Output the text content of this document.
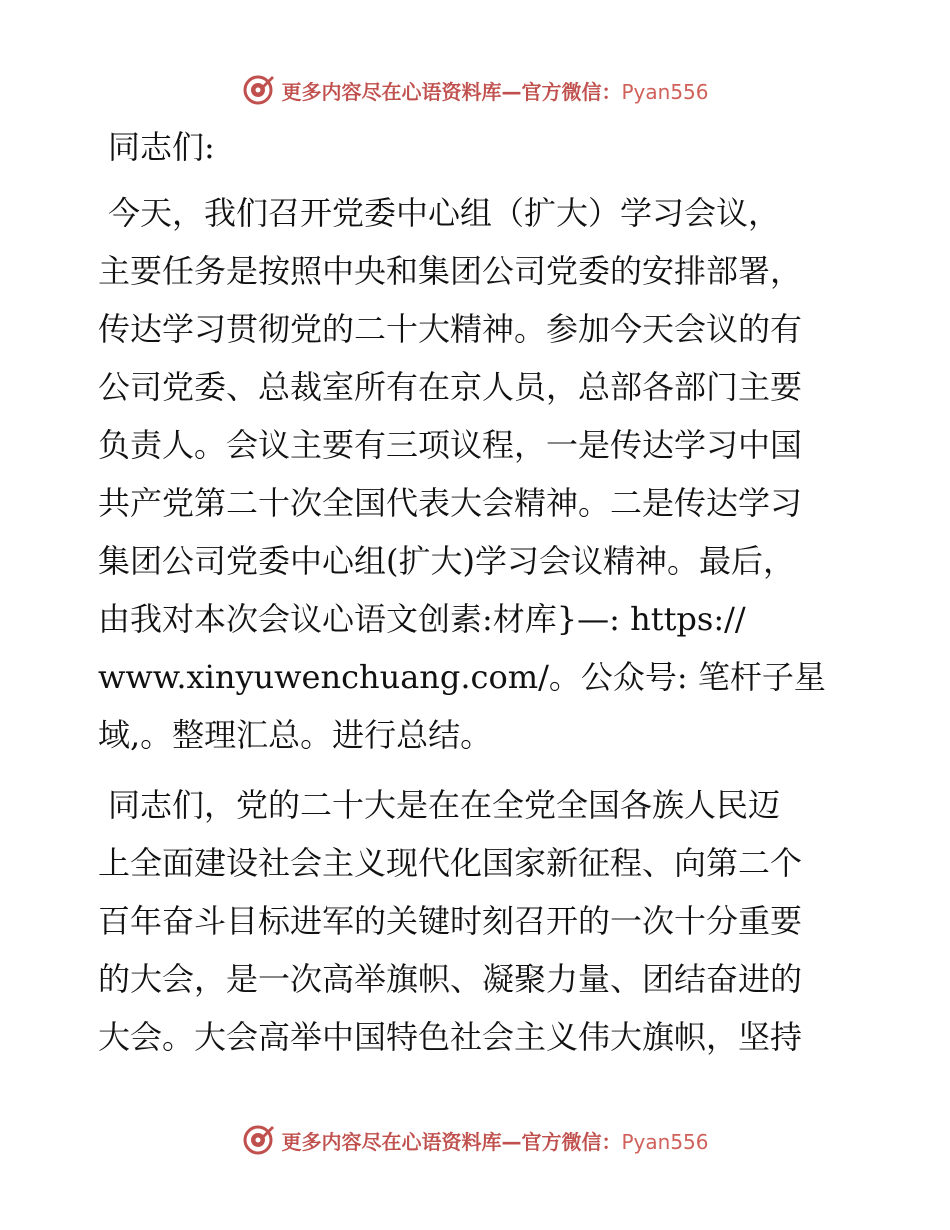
更多内容尽在心语资料库—官方微信：Pyan556
同志们:
今天，我们召开党委中心组（扩大）学习会议，
主要任务是按照中央和集团公司党委的安排部署，
传达学习贯彻党的二十大精神。参加今天会议的有
公司党委、总裁室所有在京人员，总部各部门主要
负责人。会议主要有三项议程，一是传达学习中国
共产党第二十次全国代表大会精神。二是传达学习
集团公司党委中心组(扩大)学习会议精神。最后，
由我对本次会议心语文创素:材库}—: https://
www.xinyuwenchuang.com/。公众号: 笔杆子星
域,。整理汇总。进行总结。
同志们，党的二十大是在在全党全国各族人民迈
上全面建设社会主义现代化国家新征程、向第二个
百年奋斗目标进军的关键时刻召开的一次十分重要
的大会，是一次高举旗帜、凝聚力量、团结奋进的
大会。大会高举中国特色社会主义伟大旗帜，坚持
更多内容尽在心语资料库—官方微信：Pyan556
